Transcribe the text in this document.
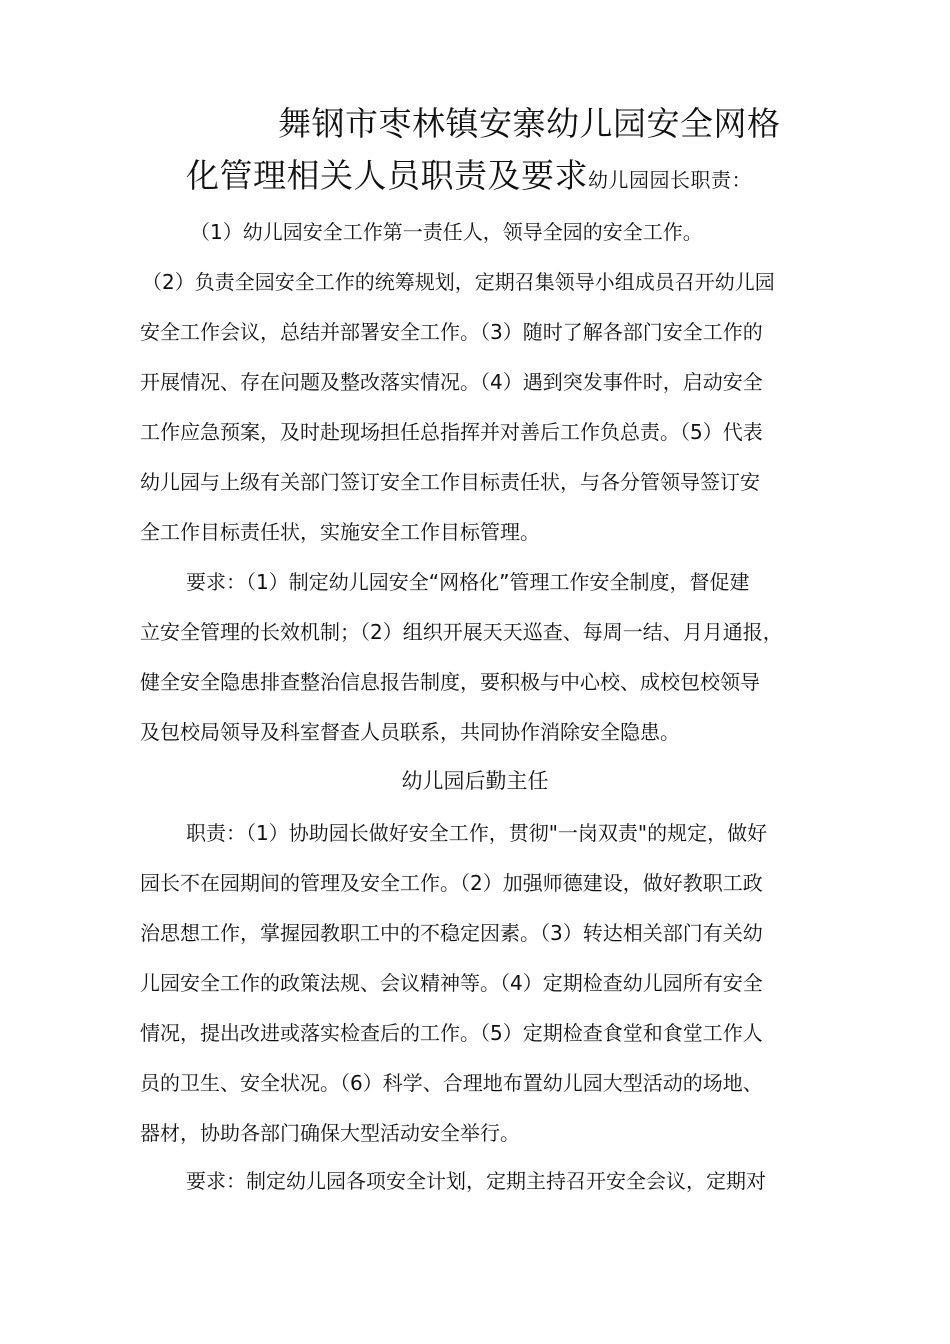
舞钢市枣林镇安寨幼儿园安全网格
化管理相关人员职责及要求幼儿园园长职责：
（1）幼儿园安全工作第一责任人，领导全园的安全工作。
（2）负责全园安全工作的统筹规划，定期召集领导小组成员召开幼儿园
安全工作会议，总结并部署安全工作。（3）随时了解各部门安全工作的
开展情况、存在问题及整改落实情况。（4）遇到突发事件时，启动安全
工作应急预案，及时赴现场担任总指挥并对善后工作负总责。（5）代表
幼儿园与上级有关部门签订安全工作目标责任状，与各分管领导签订安
全工作目标责任状，实施安全工作目标管理。
要求：（1）制定幼儿园安全“网格化”管理工作安全制度，督促建
立安全管理的长效机制；（2）组织开展天天巡查、每周一结、月月通报，
健全安全隐患排查整治信息报告制度，要积极与中心校、成校包校领导
及包校局领导及科室督查人员联系，共同协作消除安全隐患。
幼儿园后勤主任
职责：（1）协助园长做好安全工作，贯彻"一岗双责"的规定，做好
园长不在园期间的管理及安全工作。（2）加强师德建设，做好教职工政
治思想工作，掌握园教职工中的不稳定因素。（3）转达相关部门有关幼
儿园安全工作的政策法规、会议精神等。（4）定期检查幼儿园所有安全
情况，提出改进或落实检查后的工作。（5）定期检查食堂和食堂工作人
员的卫生、安全状况。（6）科学、合理地布置幼儿园大型活动的场地、
器材，协助各部门确保大型活动安全举行。
要求：制定幼儿园各项安全计划，定期主持召开安全会议，定期对
